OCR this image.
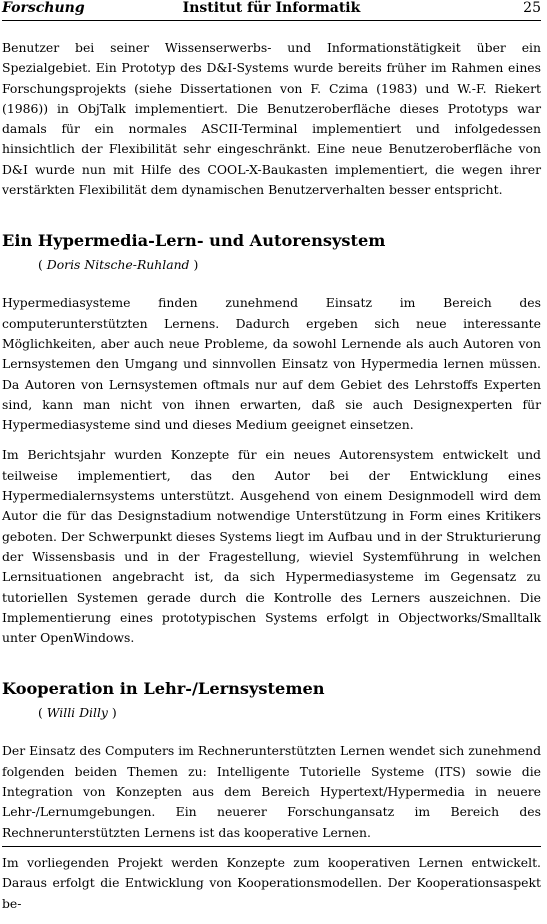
Forschung	Institut für Informatik	25

Benutzer bei seiner Wissenserwerbs- und Informationstätigkeit über ein Spezialgebiet. Ein Prototyp des D&I-Systems wurde bereits früher im Rahmen eines Forschungsprojekts (siehe Dissertationen von F. Czima (1983) und W.-F. Riekert (1986)) in ObjTalk implementiert. Die Benutzeroberfläche dieses Prototyps war damals für ein normales ASCII-Terminal implementiert und infolgedessen hinsichtlich der Flexibilität sehr eingeschränkt. Eine neue Benutzeroberfläche von D&I wurde nun mit Hilfe des COOL-X-Baukasten implementiert, die wegen ihrer verstärkten Flexibilität dem dynamischen Benutzerverhalten besser entspricht.

Ein Hypermedia-Lern- und Autorensystem
( Doris Nitsche-Ruhland )

Hypermediasysteme finden zunehmend Einsatz im Bereich des computerunterstützten Lernens. Dadurch ergeben sich neue interessante Möglichkeiten, aber auch neue Probleme, da sowohl Lernende als auch Autoren von Lernsystemen den Umgang und sinnvollen Einsatz von Hypermedia lernen müssen. Da Autoren von Lernsystemen oftmals nur auf dem Gebiet des Lehrstoffs Experten sind, kann man nicht von ihnen erwarten, daß sie auch Designexperten für Hypermediasysteme sind und dieses Medium geeignet einsetzen.

Im Berichtsjahr wurden Konzepte für ein neues Autorensystem entwickelt und teilweise implementiert, das den Autor bei der Entwicklung eines Hypermedialernsystems unterstützt. Ausgehend von einem Designmodell wird dem Autor die für das Designstadium notwendige Unterstützung in Form eines Kritikers geboten. Der Schwerpunkt dieses Systems liegt im Aufbau und in der Strukturierung der Wissensbasis und in der Fragestellung, wieviel Systemführung in welchen Lernsituationen angebracht ist, da sich Hypermediasysteme im Gegensatz zu tutoriellen Systemen gerade durch die Kontrolle des Lerners auszeichnen. Die Implementierung eines prototypischen Systems erfolgt in Objectworks/Smalltalk unter OpenWindows.

Kooperation in Lehr-/Lernsystemen
( Willi Dilly )

Der Einsatz des Computers im Rechnerunterstützten Lernen wendet sich zunehmend folgenden beiden Themen zu: Intelligente Tutorielle Systeme (ITS) sowie die Integration von Konzepten aus dem Bereich Hypertext/Hypermedia in neuere Lehr-/Lernumgebungen. Ein neuerer Forschungansatz im Bereich des Rechnerunterstützten Lernens ist das kooperative Lernen.

Im vorliegenden Projekt werden Konzepte zum kooperativen Lernen entwickelt. Daraus erfolgt die Entwicklung von Kooperationsmodellen. Der Kooperationsaspekt be-
